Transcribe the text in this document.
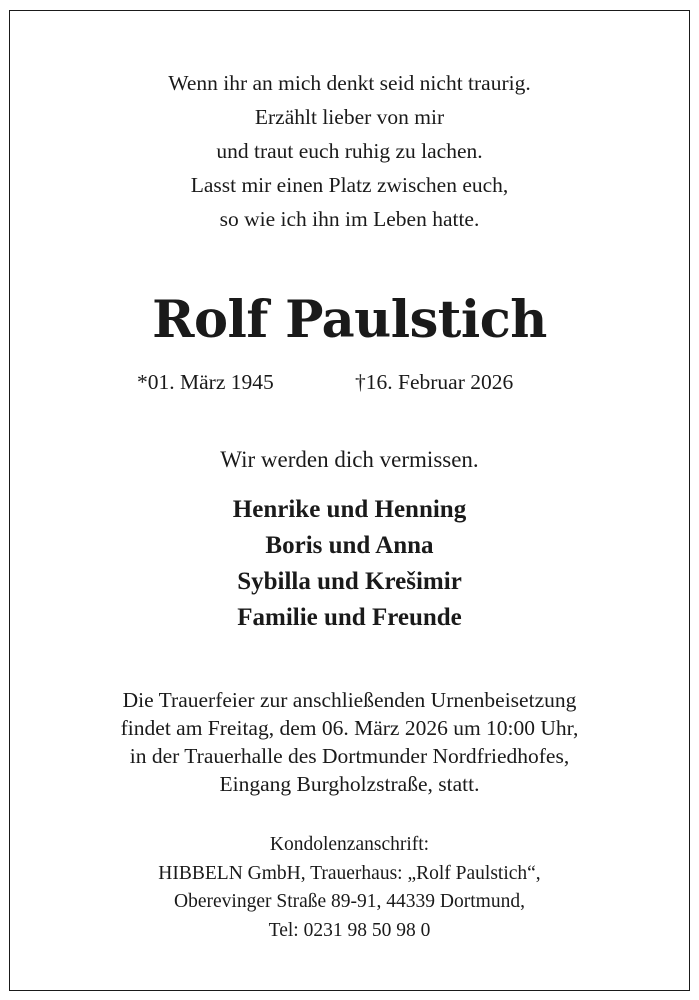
Wenn ihr an mich denkt seid nicht traurig.
Erzählt lieber von mir
und traut euch ruhig zu lachen.
Lasst mir einen Platz zwischen euch,
so wie ich ihn im Leben hatte.
Rolf Paulstich
*01. März 1945	†16. Februar 2026
Wir werden dich vermissen.
Henrike und Henning
Boris und Anna
Sybilla und Krešimir
Familie und Freunde
Die Trauerfeier zur anschließenden Urnenbeisetzung
findet am Freitag, dem 06. März 2026 um 10:00 Uhr,
in der Trauerhalle des Dortmunder Nordfriedhofes,
Eingang Burgholzstraße, statt.
Kondolenzanschrift:
HIBBELN GmbH, Trauerhaus: „Rolf Paulstich“,
Oberevinger Straße 89-91, 44339 Dortmund,
Tel: 0231 98 50 98 0
